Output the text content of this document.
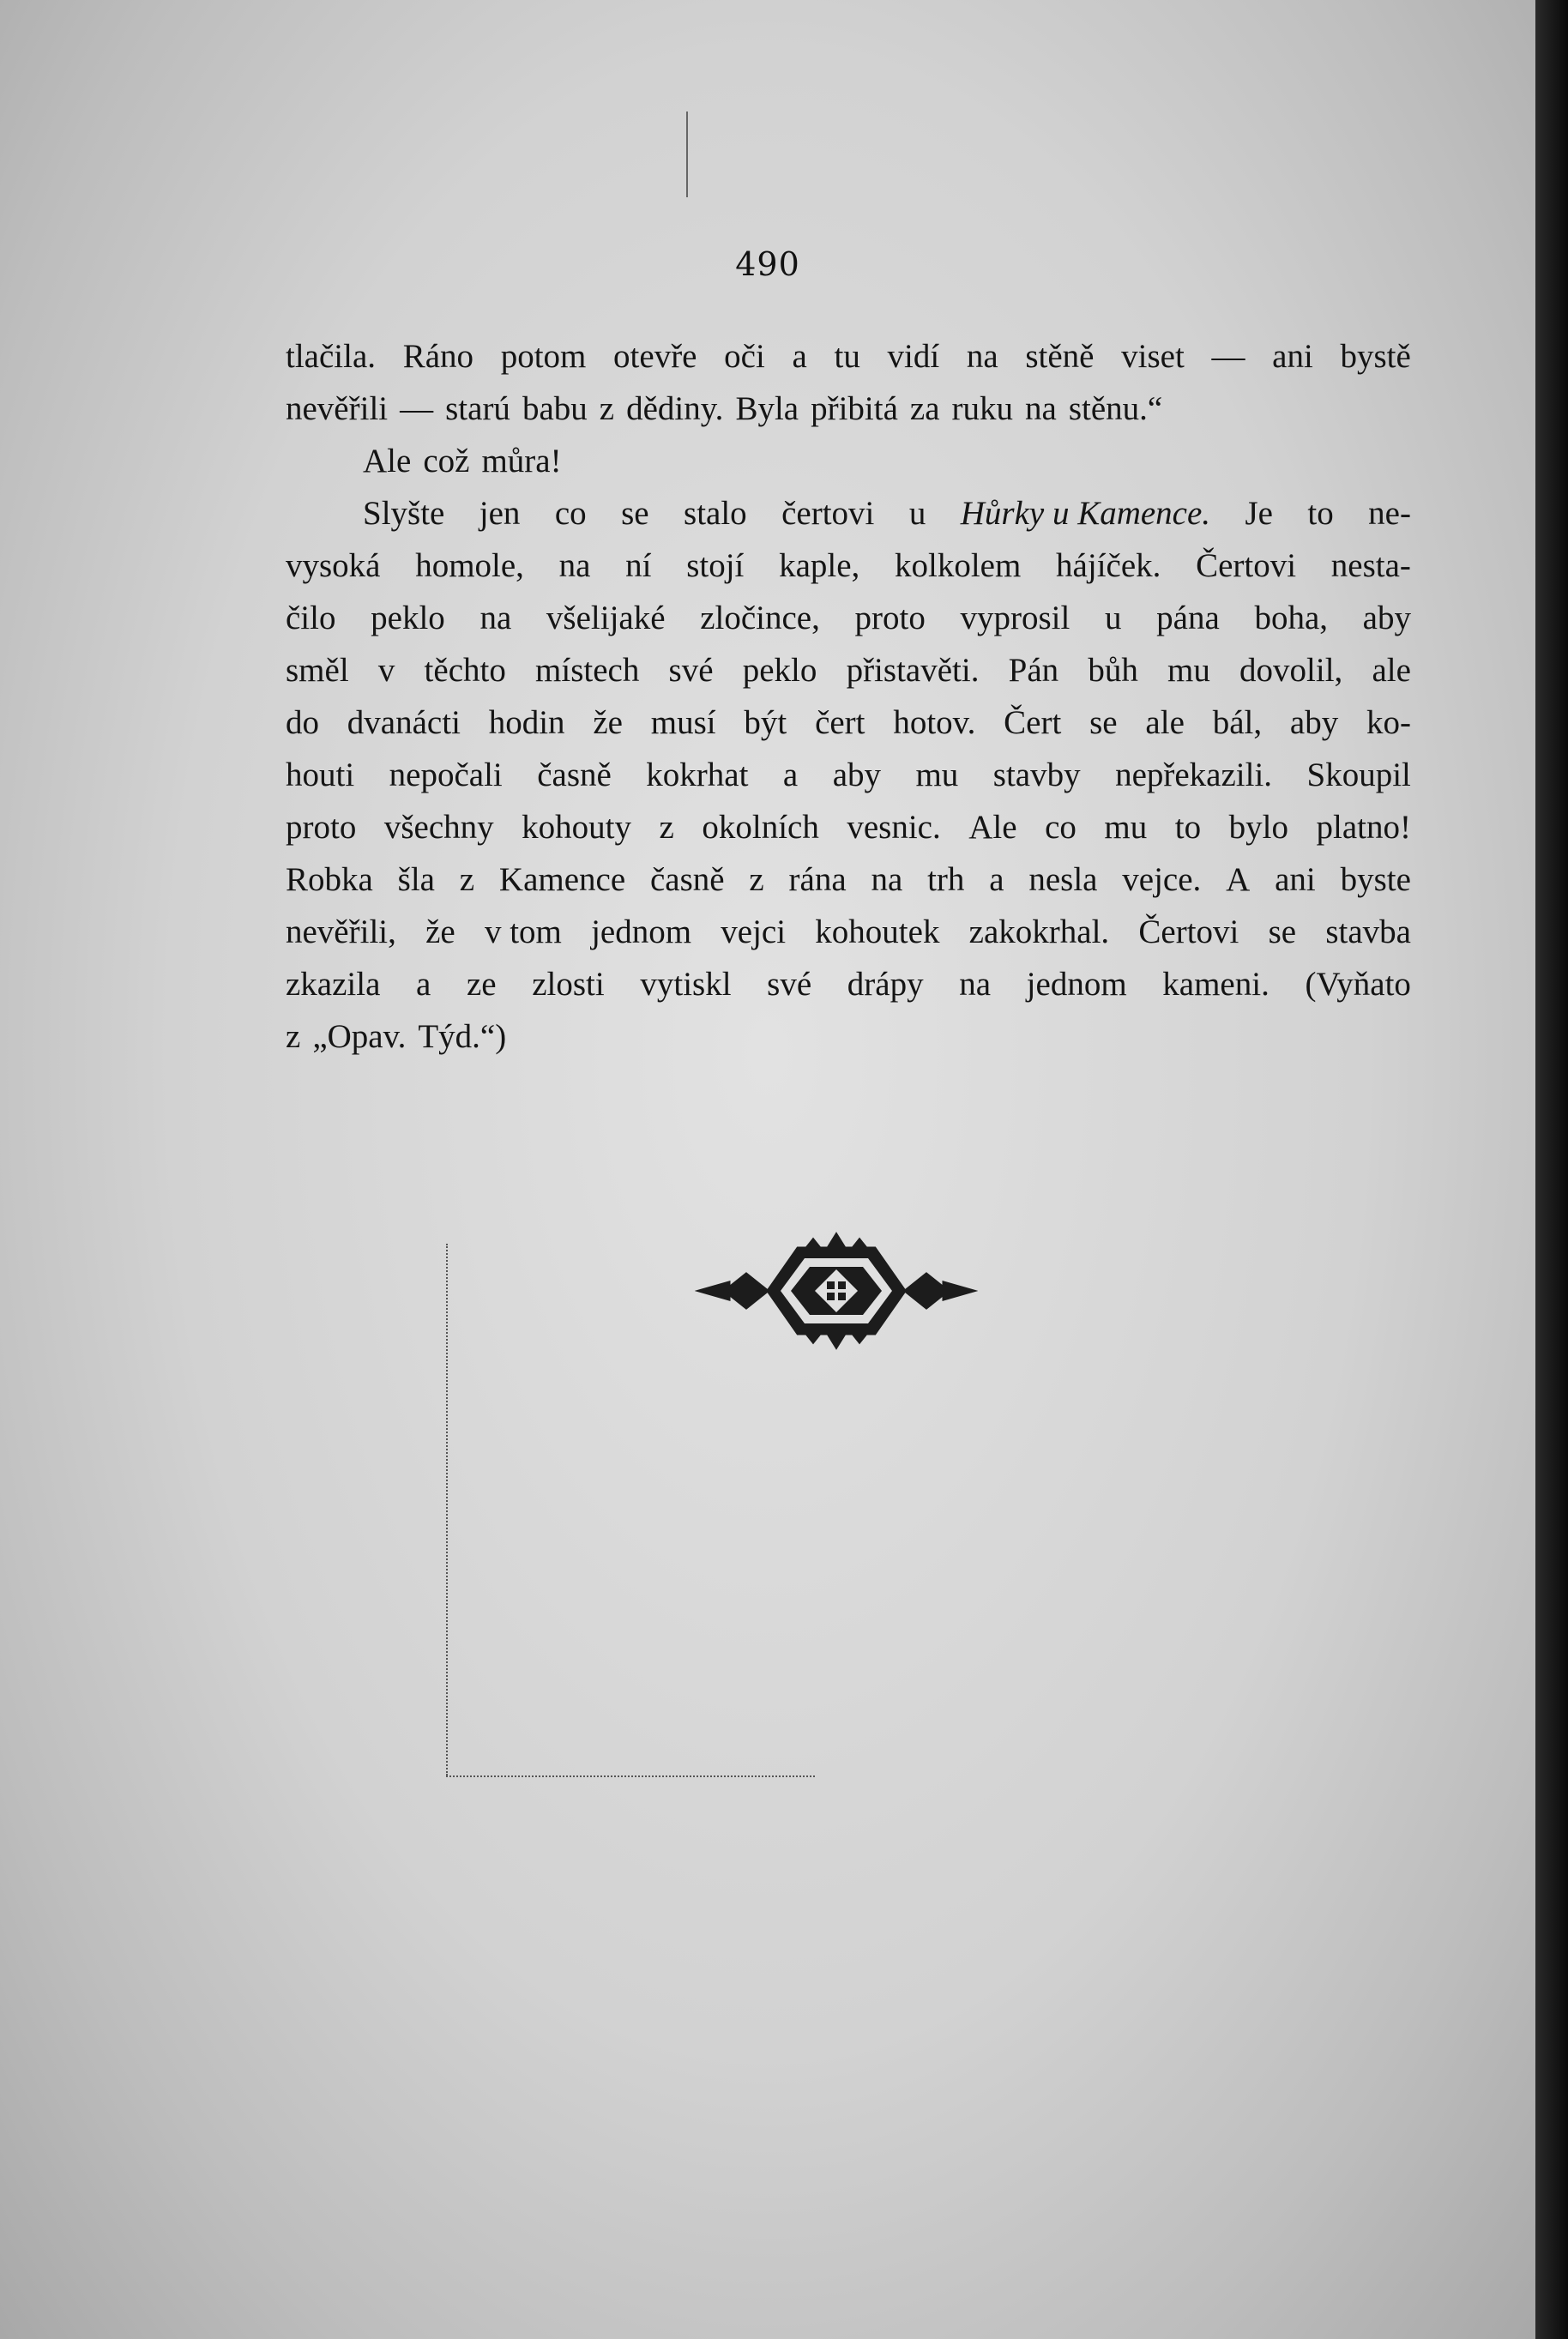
490
tlačila. Ráno potom otevře oči a tu vidí na stěně viset — ani bystě
nevěřili — starú babu z dědiny. Byla přibitá za ruku na stěnu.“
Ale což můra!
Slyšte jen co se stalo čertovi u Hůrky u Kamence. Je to ne-
vysoká homole, na ní stojí kaple, kolkolem hájíček. Čertovi nesta-
čilo peklo na všelijaké zločince, proto vyprosil u pána boha, aby
směl v těchto místech své peklo přistavěti. Pán bůh mu dovolil, ale
do dvanácti hodin že musí být čert hotov. Čert se ale bál, aby ko-
houti nepočali časně kokrhat a aby mu stavby nepřekazili. Skoupil
proto všechny kohouty z okolních vesnic. Ale co mu to bylo platno!
Robka šla z Kamence časně z rána na trh a nesla vejce. A ani byste
nevěřili, že v tom jednom vejci kohoutek zakokrhal. Čertovi se stavba
zkazila a ze zlosti vytiskl své drápy na jednom kameni. (Vyňato
z „Opav. Týd.“)
